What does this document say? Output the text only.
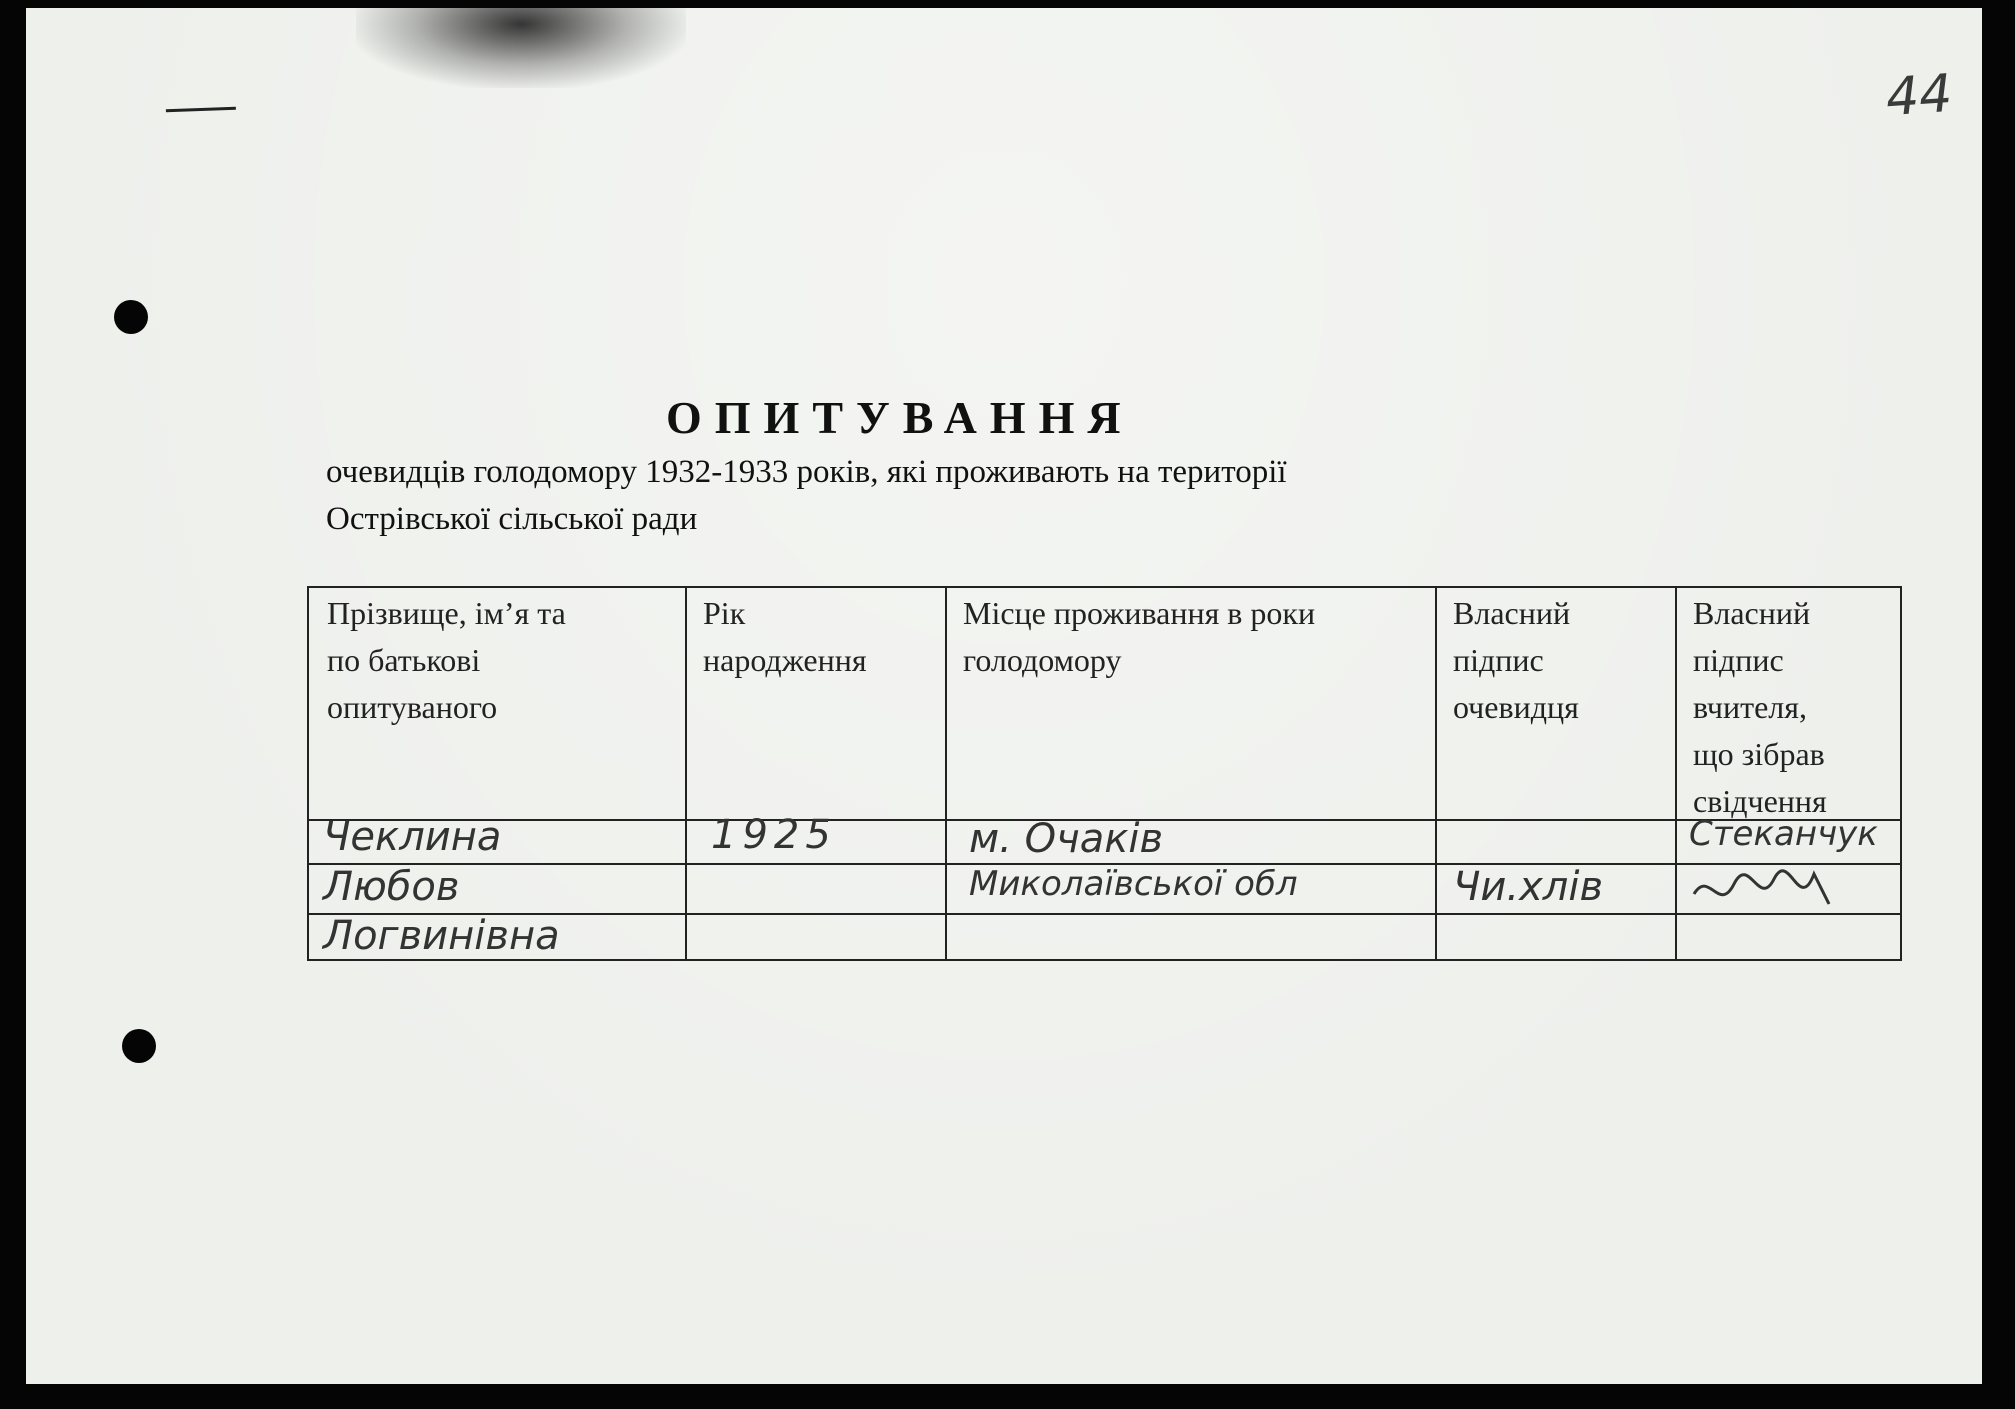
44
ОПИТУВАННЯ
очевидців голодомору 1932-1933 років, які проживають на території
Острівської сільської ради
Прізвище, ім’я та
по батькові
опитуваного
Рік
народження
Місце проживання в роки
голодомору
Власний
підпис
очевидця
Власний
підпис
вчителя,
що зібрав
свідчення
Чеклина
Любов
Логвинівна
1925	м. Очаків
Миколаївської обл	Чи.хлів
Стеканчук
